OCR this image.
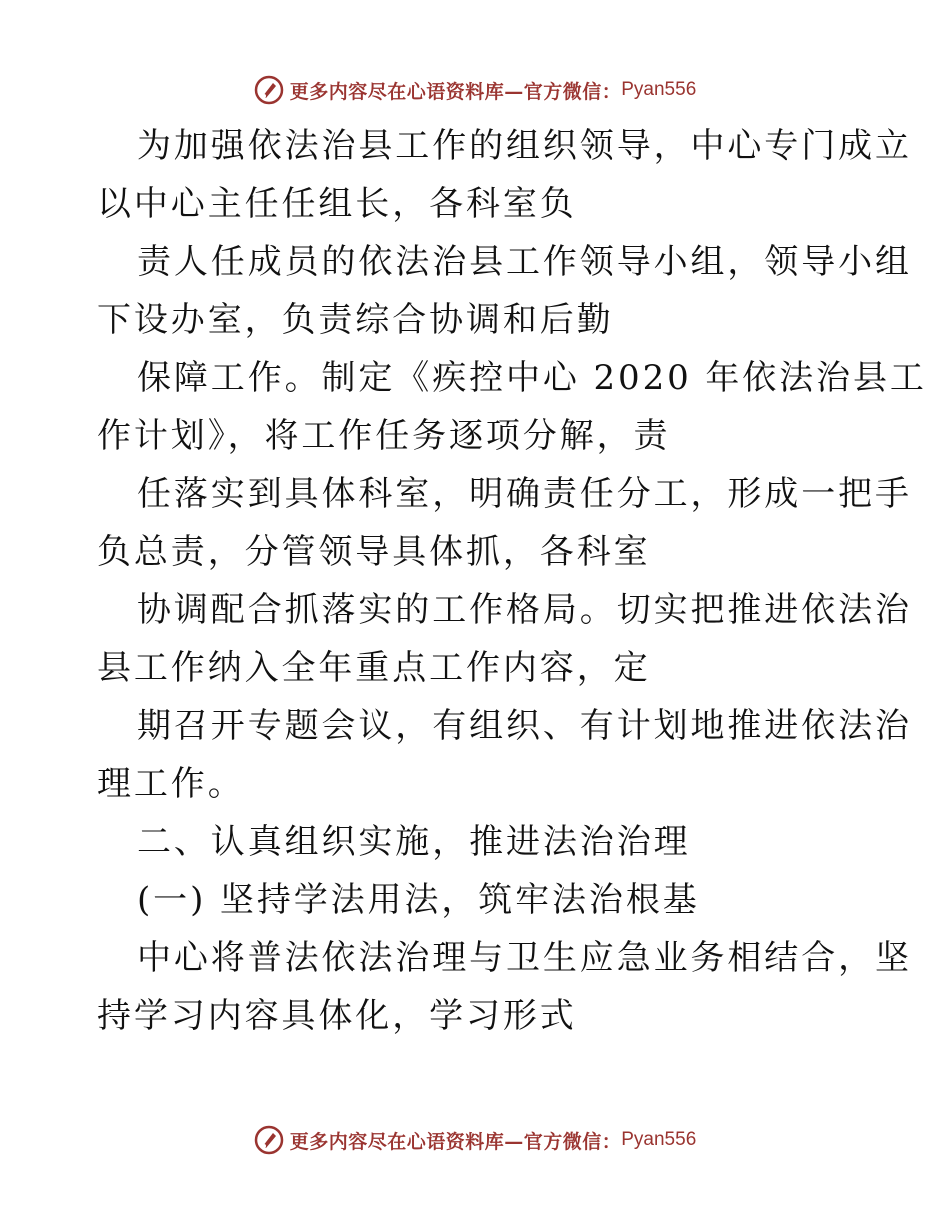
更多内容尽在心语资料库—官方微信： Pyan556
为加强依法治县工作的组织领导，中心专门成立
以中心主任任组长，各科室负
责人任成员的依法治县工作领导小组，领导小组
下设办室，负责综合协调和后勤
保障工作。制定《疾控中心 2020 年依法治县工
作计划》，将工作任务逐项分解，责
任落实到具体科室，明确责任分工，形成一把手
负总责，分管领导具体抓，各科室
协调配合抓落实的工作格局。切实把推进依法治
县工作纳入全年重点工作内容，定
期召开专题会议，有组织、有计划地推进依法治
理工作。
二、认真组织实施，推进法治治理
(一) 坚持学法用法，筑牢法治根基
中心将普法依法治理与卫生应急业务相结合，坚
持学习内容具体化，学习形式
更多内容尽在心语资料库—官方微信： Pyan556
